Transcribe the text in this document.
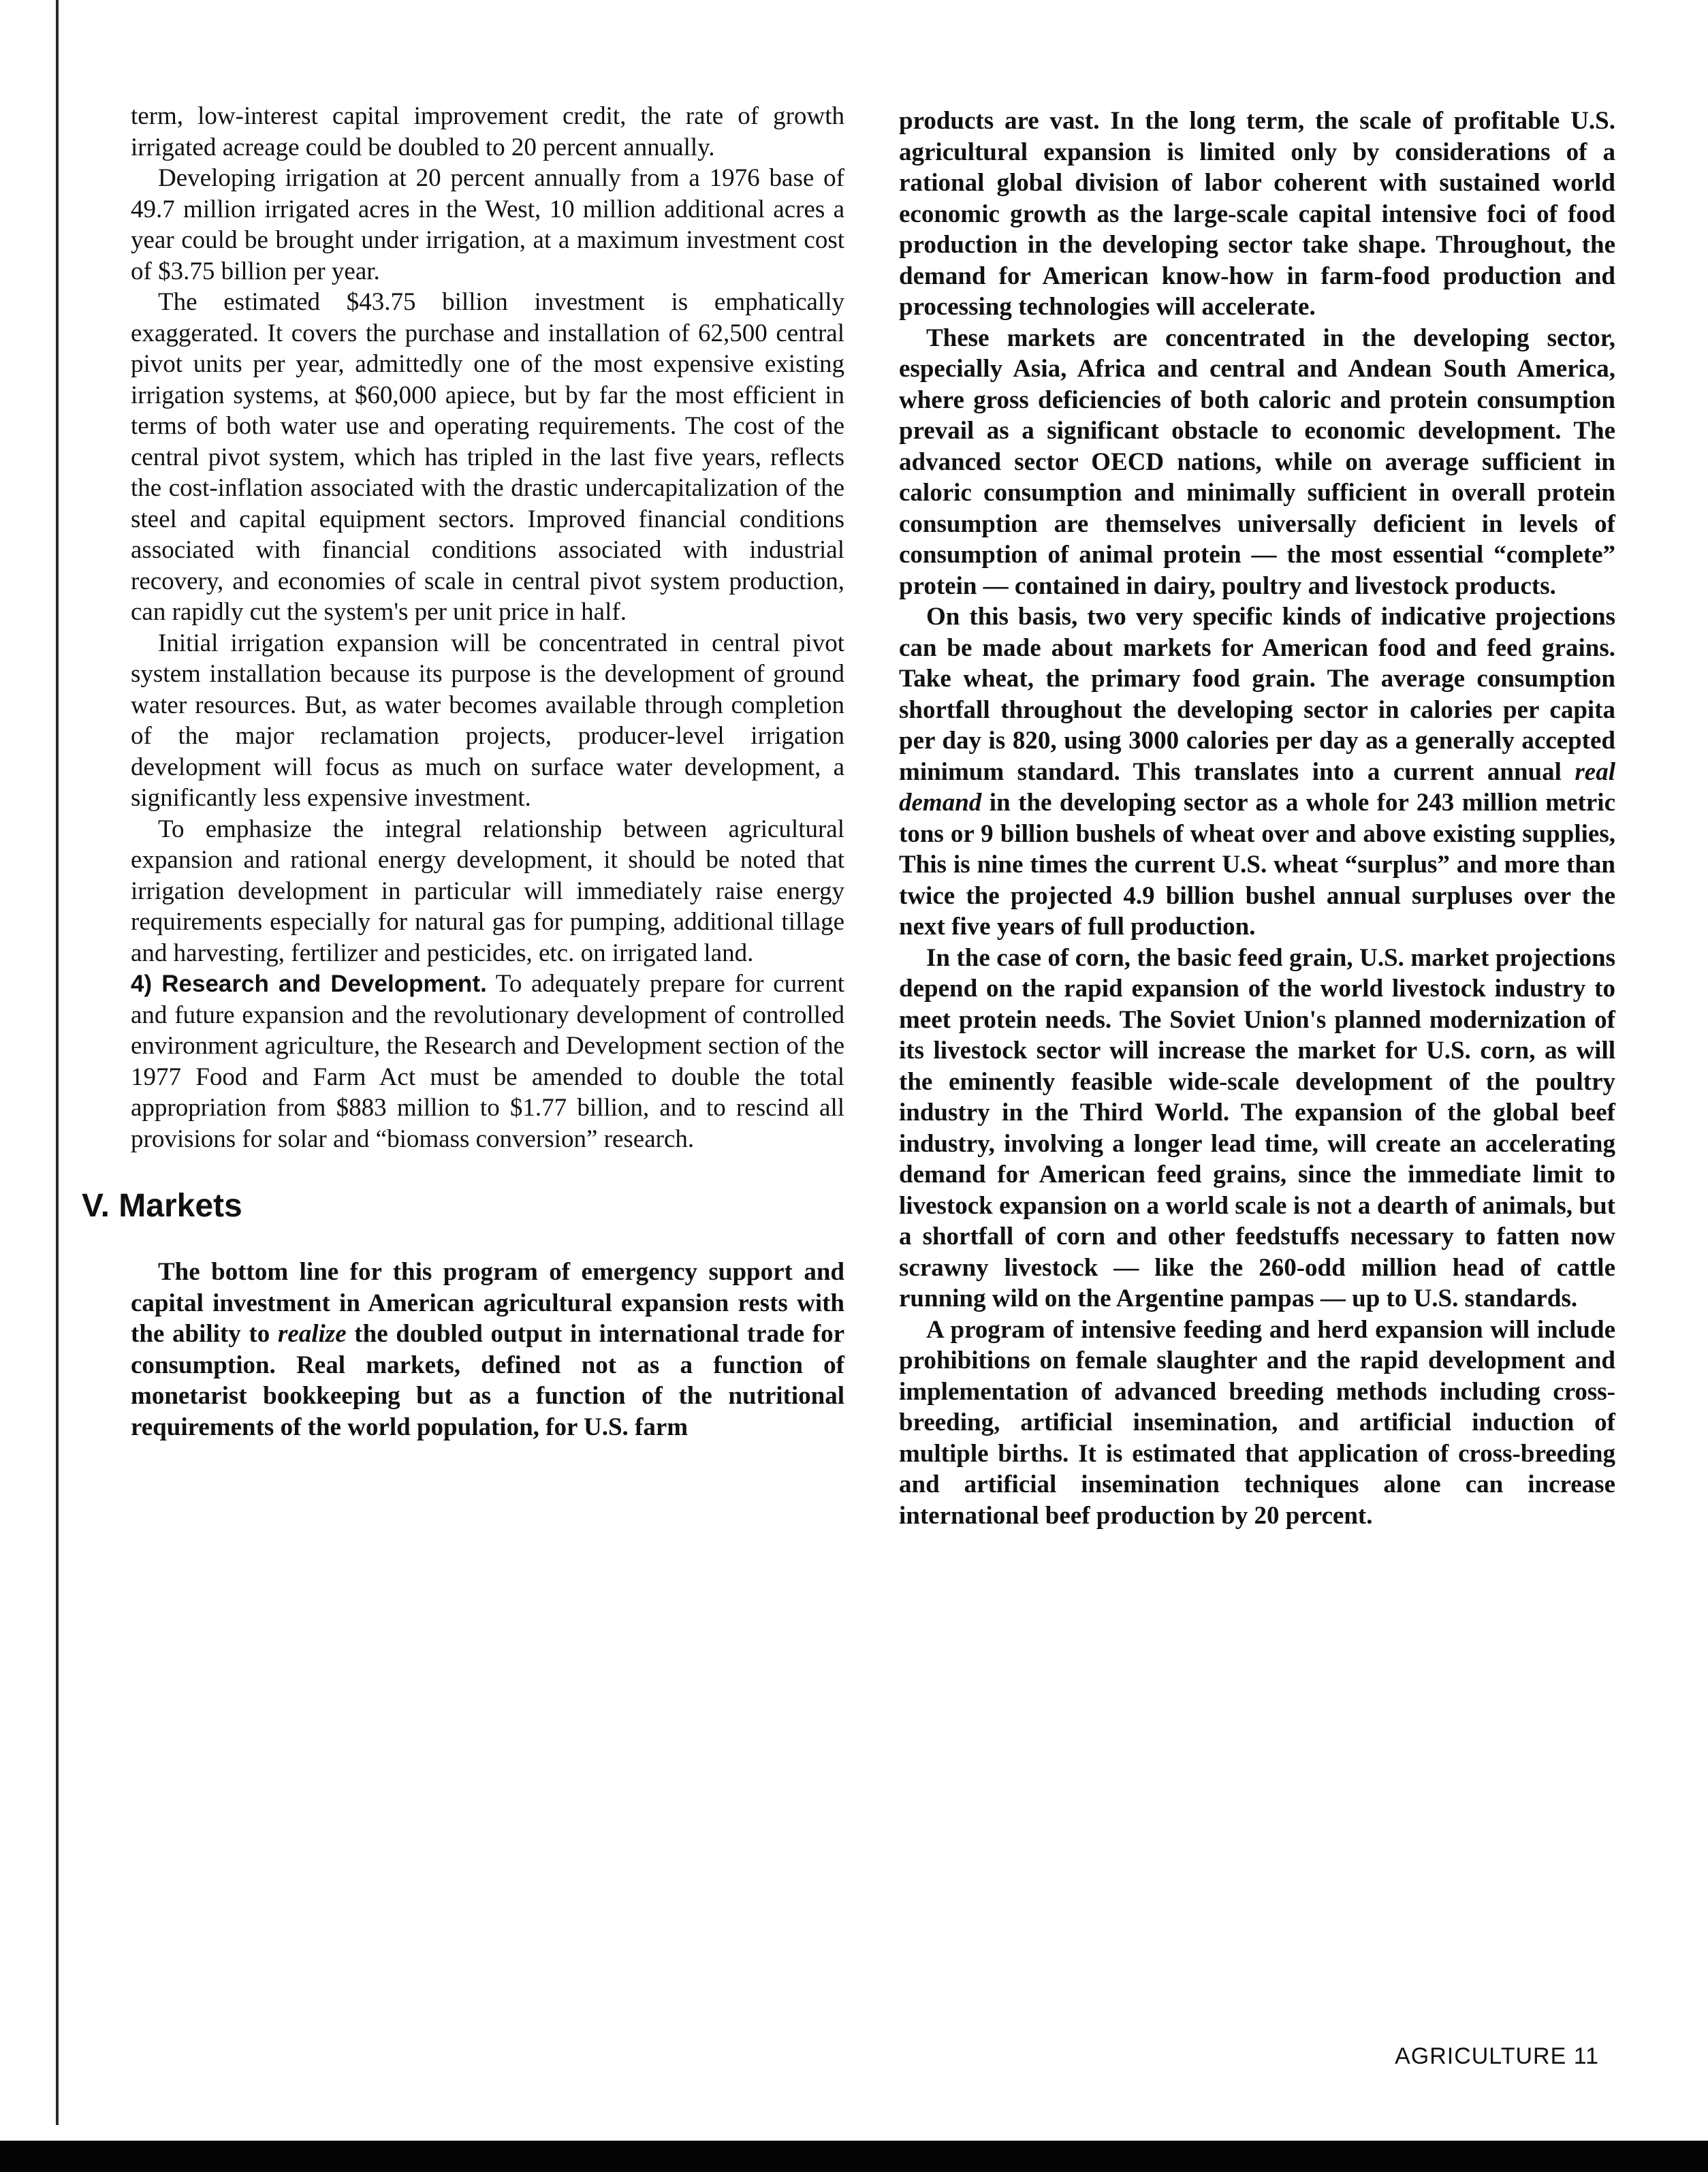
term, low-interest capital improvement credit, the rate of growth irrigated acreage could be doubled to 20 percent annually.

Developing irrigation at 20 percent annually from a 1976 base of 49.7 million irrigated acres in the West, 10 million additional acres a year could be brought under irrigation, at a maximum investment cost of $3.75 billion per year.

The estimated $43.75 billion investment is emphatically exaggerated. It covers the purchase and installation of 62,500 central pivot units per year, admittedly one of the most expensive existing irrigation systems, at $60,000 apiece, but by far the most efficient in terms of both water use and operating requirements. The cost of the central pivot system, which has tripled in the last five years, reflects the cost-inflation associated with the drastic undercapitalization of the steel and capital equipment sectors. Improved financial conditions associated with financial conditions associated with industrial recovery, and economies of scale in central pivot system production, can rapidly cut the system's per unit price in half.

Initial irrigation expansion will be concentrated in central pivot system installation because its purpose is the development of ground water resources. But, as water becomes available through completion of the major reclamation projects, producer-level irrigation development will focus as much on surface water development, a significantly less expensive investment.

To emphasize the integral relationship between agricultural expansion and rational energy development, it should be noted that irrigation development in particular will immediately raise energy requirements especially for natural gas for pumping, additional tillage and harvesting, fertilizer and pesticides, etc. on irrigated land.

4) Research and Development. To adequately prepare for current and future expansion and the revolutionary development of controlled environment agriculture, the Research and Development section of the 1977 Food and Farm Act must be amended to double the total appropriation from $883 million to $1.77 billion, and to rescind all provisions for solar and “biomass conversion” research.

V. Markets

The bottom line for this program of emergency support and capital investment in American agricultural expansion rests with the ability to realize the doubled output in international trade for consumption. Real markets, defined not as a function of monetarist bookkeeping but as a function of the nutritional requirements of the world population, for U.S. farm

products are vast. In the long term, the scale of profitable U.S. agricultural expansion is limited only by considerations of a rational global division of labor coherent with sustained world economic growth as the large-scale capital intensive foci of food production in the developing sector take shape. Throughout, the demand for American know-how in farm-food production and processing technologies will accelerate.

These markets are concentrated in the developing sector, especially Asia, Africa and central and Andean South America, where gross deficiencies of both caloric and protein consumption prevail as a significant obstacle to economic development. The advanced sector OECD nations, while on average sufficient in caloric consumption and minimally sufficient in overall protein consumption are themselves universally deficient in levels of consumption of animal protein — the most essential “complete” protein — contained in dairy, poultry and livestock products.

On this basis, two very specific kinds of indicative projections can be made about markets for American food and feed grains. Take wheat, the primary food grain. The average consumption shortfall throughout the developing sector in calories per capita per day is 820, using 3000 calories per day as a generally accepted minimum standard. This translates into a current annual real demand in the developing sector as a whole for 243 million metric tons or 9 billion bushels of wheat over and above existing supplies, This is nine times the current U.S. wheat “surplus” and more than twice the projected 4.9 billion bushel annual surpluses over the next five years of full production.

In the case of corn, the basic feed grain, U.S. market projections depend on the rapid expansion of the world livestock industry to meet protein needs. The Soviet Union's planned modernization of its livestock sector will increase the market for U.S. corn, as will the eminently feasible wide-scale development of the poultry industry in the Third World. The expansion of the global beef industry, involving a longer lead time, will create an accelerating demand for American feed grains, since the immediate limit to livestock expansion on a world scale is not a dearth of animals, but a shortfall of corn and other feedstuffs necessary to fatten now scrawny livestock — like the 260-odd million head of cattle running wild on the Argentine pampas — up to U.S. standards.

A program of intensive feeding and herd expansion will include prohibitions on female slaughter and the rapid development and implementation of advanced breeding methods including cross-breeding, artificial insemination, and artificial induction of multiple births. It is estimated that application of cross-breeding and artificial insemination techniques alone can increase international beef production by 20 percent.

AGRICULTURE 11
